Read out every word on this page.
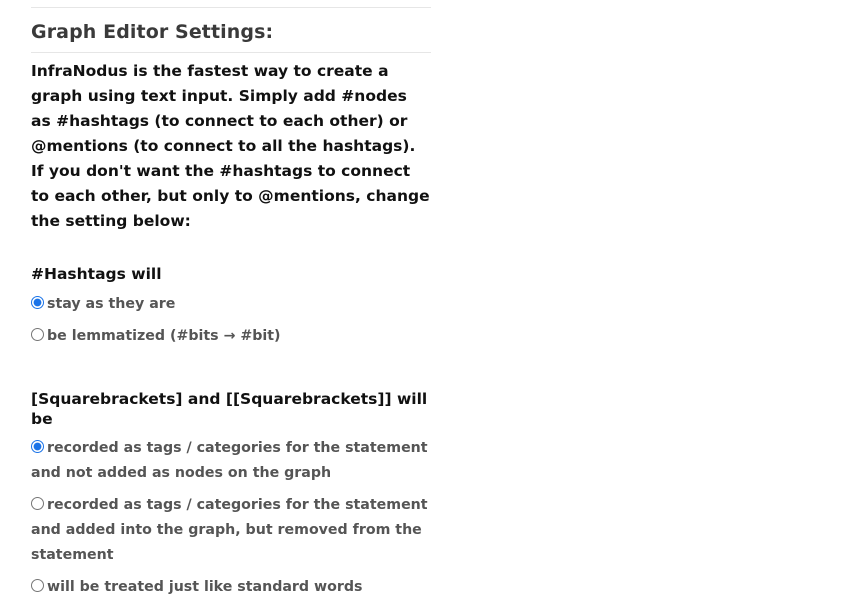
Graph Editor Settings:
InfraNodus is the fastest way to create a graph using text input. Simply add #nodes as #hashtags (to connect to each other) or @mentions (to connect to all the hashtags).
If you don't want the #hashtags to connect to each other, but only to @mentions, change the setting below:
#Hashtags will
stay as they are
be lemmatized (#bits → #bit)
[Squarebrackets] and [[Squarebrackets]] will be
recorded as tags / categories for the statement and not added as nodes on the graph
recorded as tags / categories for the statement and added into the graph, but removed from the statement
will be treated just like standard words
